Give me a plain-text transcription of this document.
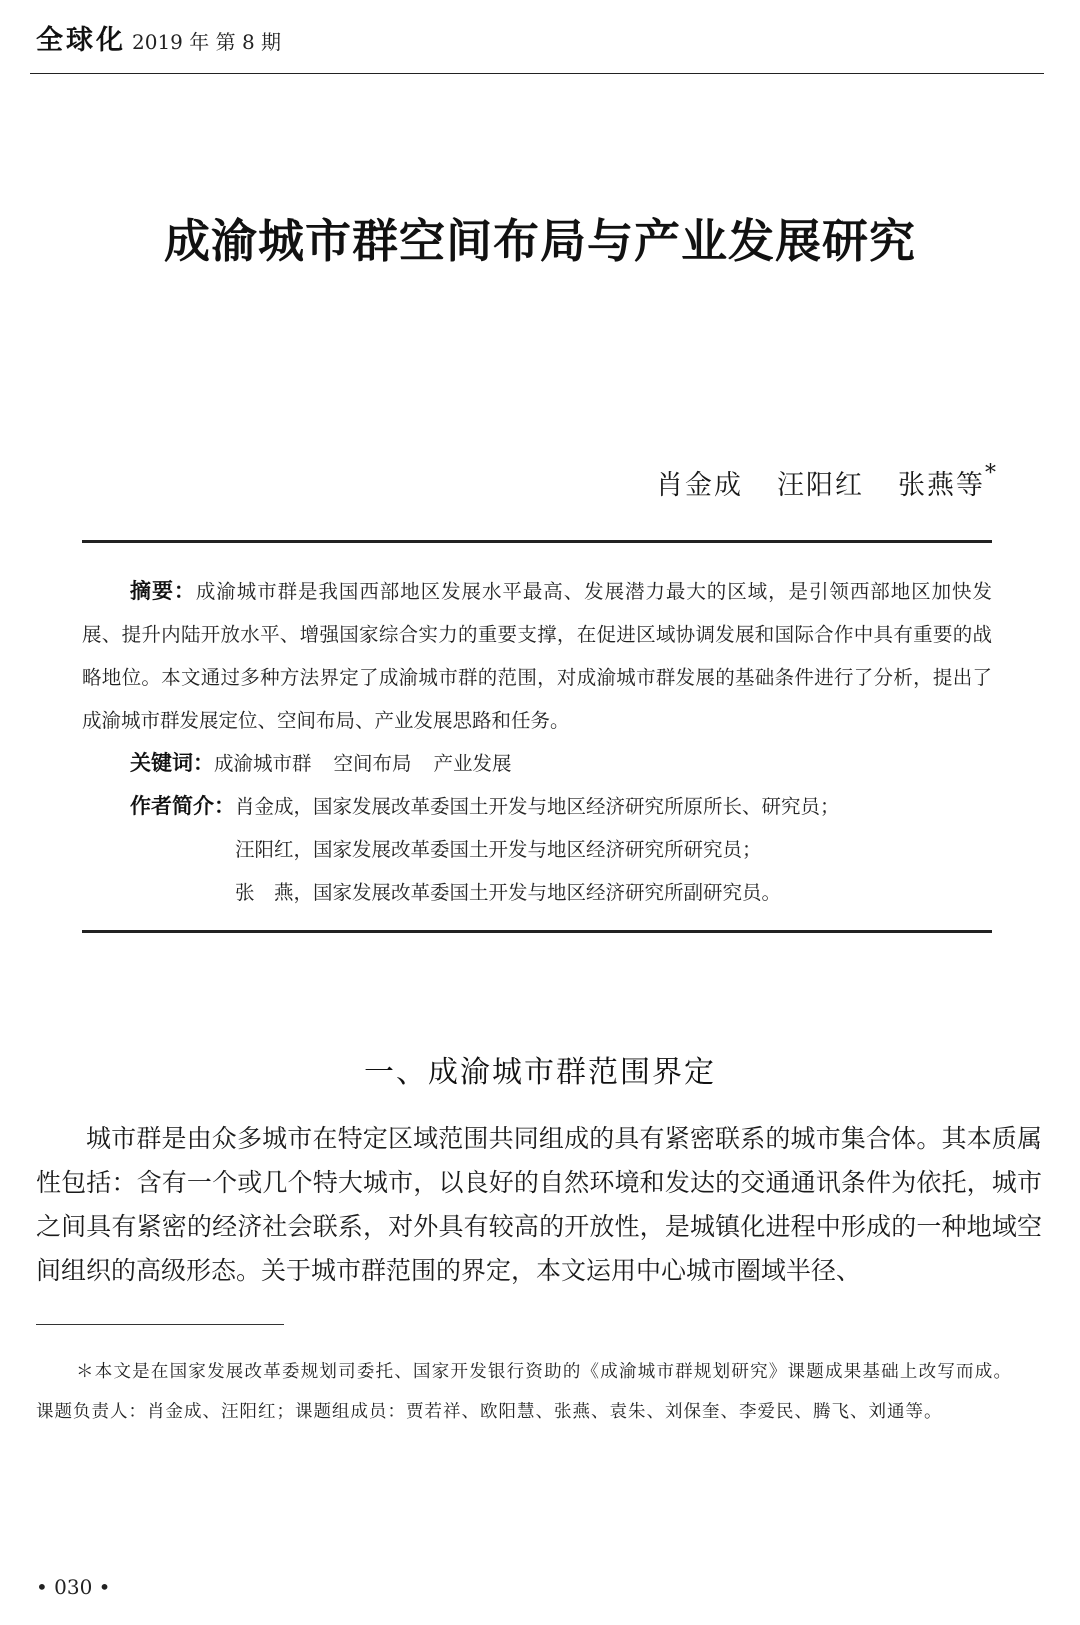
全球化 2019 年 第 8 期
成渝城市群空间布局与产业发展研究
肖金成 汪阳红 张燕等*

摘要：成渝城市群是我国西部地区发展水平最高、发展潜力最大的区域，是引领西部地区加快发展、提升内陆开放水平、增强国家综合实力的重要支撑，在促进区域协调发展和国际合作中具有重要的战略地位。本文通过多种方法界定了成渝城市群的范围，对成渝城市群发展的基础条件进行了分析，提出了成渝城市群发展定位、空间布局、产业发展思路和任务。

关键词：成渝城市群 空间布局 产业发展

作者简介： 肖金成，国家发展改革委国土开发与地区经济研究所原所长、研究员；
汪阳红，国家发展改革委国土开发与地区经济研究所研究员；
张　燕，国家发展改革委国土开发与地区经济研究所副研究员。
一、成渝城市群范围界定

城市群是由众多城市在特定区域范围共同组成的具有紧密联系的城市集合体。其本质属性包括：含有一个或几个特大城市，以良好的自然环境和发达的交通通讯条件为依托，城市之间具有紧密的经济社会联系，对外具有较高的开放性，是城镇化进程中形成的一种地域空间组织的高级形态。关于城市群范围的界定，本文运用中心城市圈域半径、

＊本文是在国家发展改革委规划司委托、国家开发银行资助的《成渝城市群规划研究》课题成果基础上改写而成。课题负责人：肖金成、汪阳红；课题组成员：贾若祥、欧阳慧、张燕、袁朱、刘保奎、李爱民、腾飞、刘通等。

• 030 •
